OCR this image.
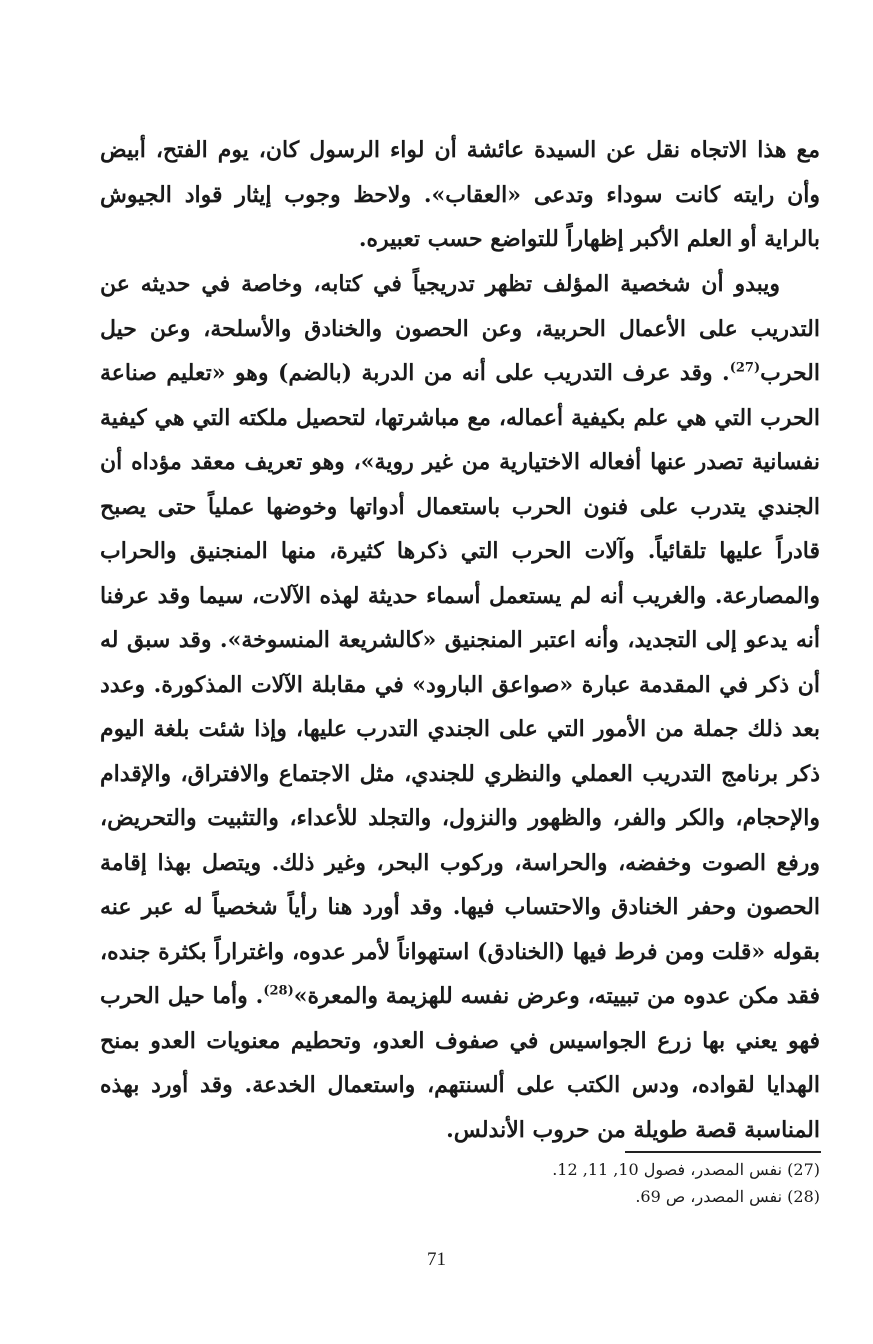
مع هذا الاتجاه نقل عن السيدة عائشة أن لواء الرسول كان، يوم الفتح، أبيض وأن رايته كانت سوداء وتدعى «العقاب». ولاحظ وجوب إيثار قواد الجيوش بالراية أو العلم الأكبر إظهاراً للتواضع حسب تعبيره.

ويبدو أن شخصية المؤلف تظهر تدريجياً في كتابه، وخاصة في حديثه عن التدريب على الأعمال الحربية، وعن الحصون والخنادق والأسلحة، وعن حيل الحرب$^{(27)}$. وقد عرف التدريب على أنه من الدربة (بالضم) وهو «تعليم صناعة الحرب التي هي علم بكيفية أعماله، مع مباشرتها، لتحصيل ملكته التي هي كيفية نفسانية تصدر عنها أفعاله الاختيارية من غير روية»، وهو تعريف معقد مؤداه أن الجندي يتدرب على فنون الحرب باستعمال أدواتها وخوضها عملياً حتى يصبح قادراً عليها تلقائياً. وآلات الحرب التي ذكرها كثيرة، منها المنجنيق والحراب والمصارعة. والغريب أنه لم يستعمل أسماء حديثة لهذه الآلات، سيما وقد عرفنا أنه يدعو إلى التجديد، وأنه اعتبر المنجنيق «كالشريعة المنسوخة». وقد سبق له أن ذكر في المقدمة عبارة «صواعق البارود» في مقابلة الآلات المذكورة. وعدد بعد ذلك جملة من الأمور التي على الجندي التدرب عليها، وإذا شئت بلغة اليوم ذكر برنامج التدريب العملي والنظري للجندي، مثل الاجتماع والافتراق، والإقدام والإحجام، والكر والفر، والظهور والنزول، والتجلد للأعداء، والتثبيت والتحريض، ورفع الصوت وخفضه، والحراسة، وركوب البحر، وغير ذلك. ويتصل بهذا إقامة الحصون وحفر الخنادق والاحتساب فيها. وقد أورد هنا رأياً شخصياً له عبر عنه بقوله «قلت ومن فرط فيها (الخنادق) استهواناً لأمر عدوه، واغتراراً بكثرة جنده، فقد مكن عدوه من تبييته، وعرض نفسه للهزيمة والمعرة»$^{(28)}$. وأما حيل الحرب فهو يعني بها زرع الجواسيس في صفوف العدو، وتحطيم معنويات العدو بمنح الهدايا لقواده، ودس الكتب على ألسنتهم، واستعمال الخدعة. وقد أورد بهذه المناسبة قصة طويلة من حروب الأندلس.

(27) نفس المصدر، فصول 10, 11, 12.

(28) نفس المصدر، ص 69.

71
